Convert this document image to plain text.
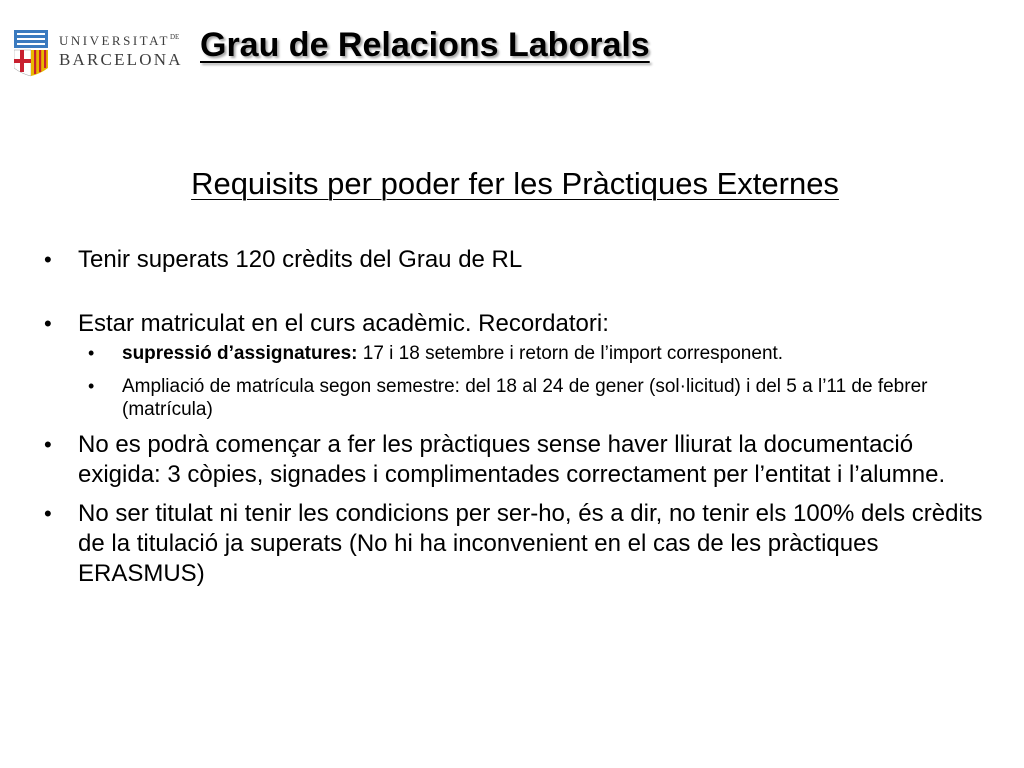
$UNIVERSITAT^{DE}$
BARCELONA Grau de Relacions Laborals
Requisits per poder fer les Pràctiques Externes
• Tenir superats 120 crèdits del Grau de RL
• Estar matriculat en el curs acadèmic. Recordatori:
• supressió d’assignatures: 17 i 18 setembre i retorn de l’import corresponent.
• Ampliació de matrícula segon semestre: del 18 al 24 de gener (sol·licitud) i del 5 a l’11 de febrer (matrícula)
• No es podrà començar a fer les pràctiques sense haver lliurat la documentació exigida: 3 còpies, signades i complimentades correctament per l’entitat i l’alumne.
• No ser titulat ni tenir les condicions per ser-ho, és a dir, no tenir els 100% dels crèdits de la titulació ja superats (No hi ha inconvenient en el cas de les pràctiques ERASMUS)
